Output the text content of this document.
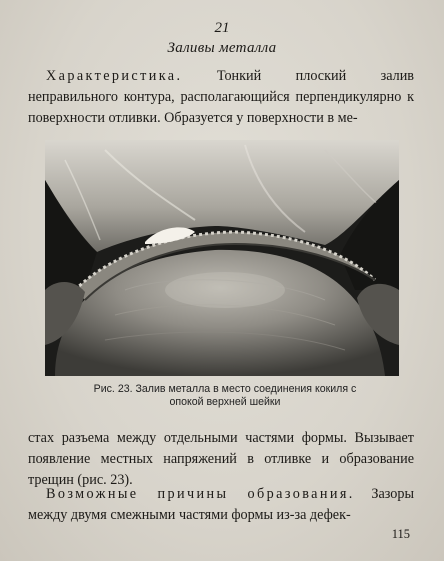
21
Заливы металла
Характеристика. Тонкий плоский залив неправильного контура, располагающийся перпендикулярно к поверхности отливки. Образуется у поверхности в ме-
Рис. 23. Залив металла в место соединения кокиля с опокой верхней шейки
стах разъема между отдельными частями формы. Вызывает появление местных напряжений в отливке и образование трещин (рис. 23).
Возможные причины образования. Зазоры между двумя смежными частями формы из-за дефек-
115
